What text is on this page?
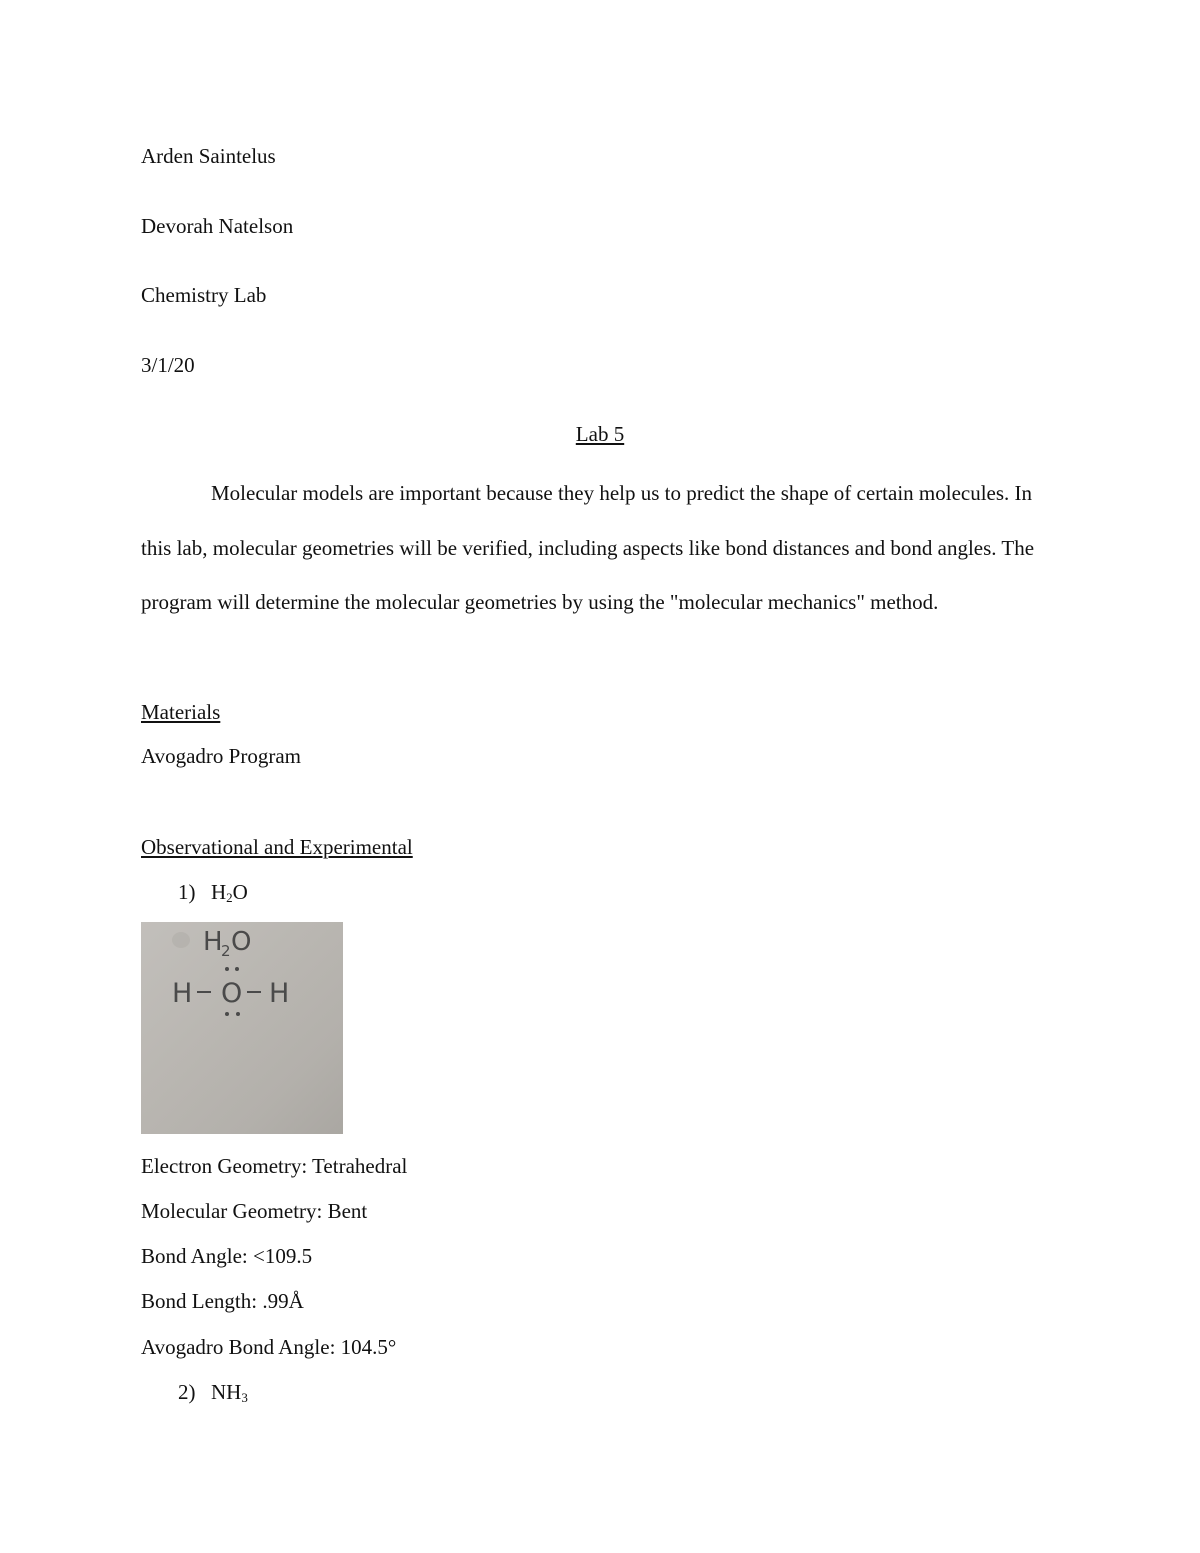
Arden Saintelus
Devorah Natelson
Chemistry Lab
3/1/20
Lab 5

Molecular models are important because they help us to predict the shape of certain molecules. In this lab, molecular geometries will be verified, including aspects like bond distances and bond angles. The program will determine the molecular geometries by using the "molecular mechanics" method.

Materials
Avogadro Program
Observational and Experimental
1) $H_2O$
H
2 O
H O H
Electron Geometry: Tetrahedral
Molecular Geometry: Bent
Bond Angle: <109.5
Bond Length: .99Å
Avogadro Bond Angle: 104.5°
2) $NH_3$
